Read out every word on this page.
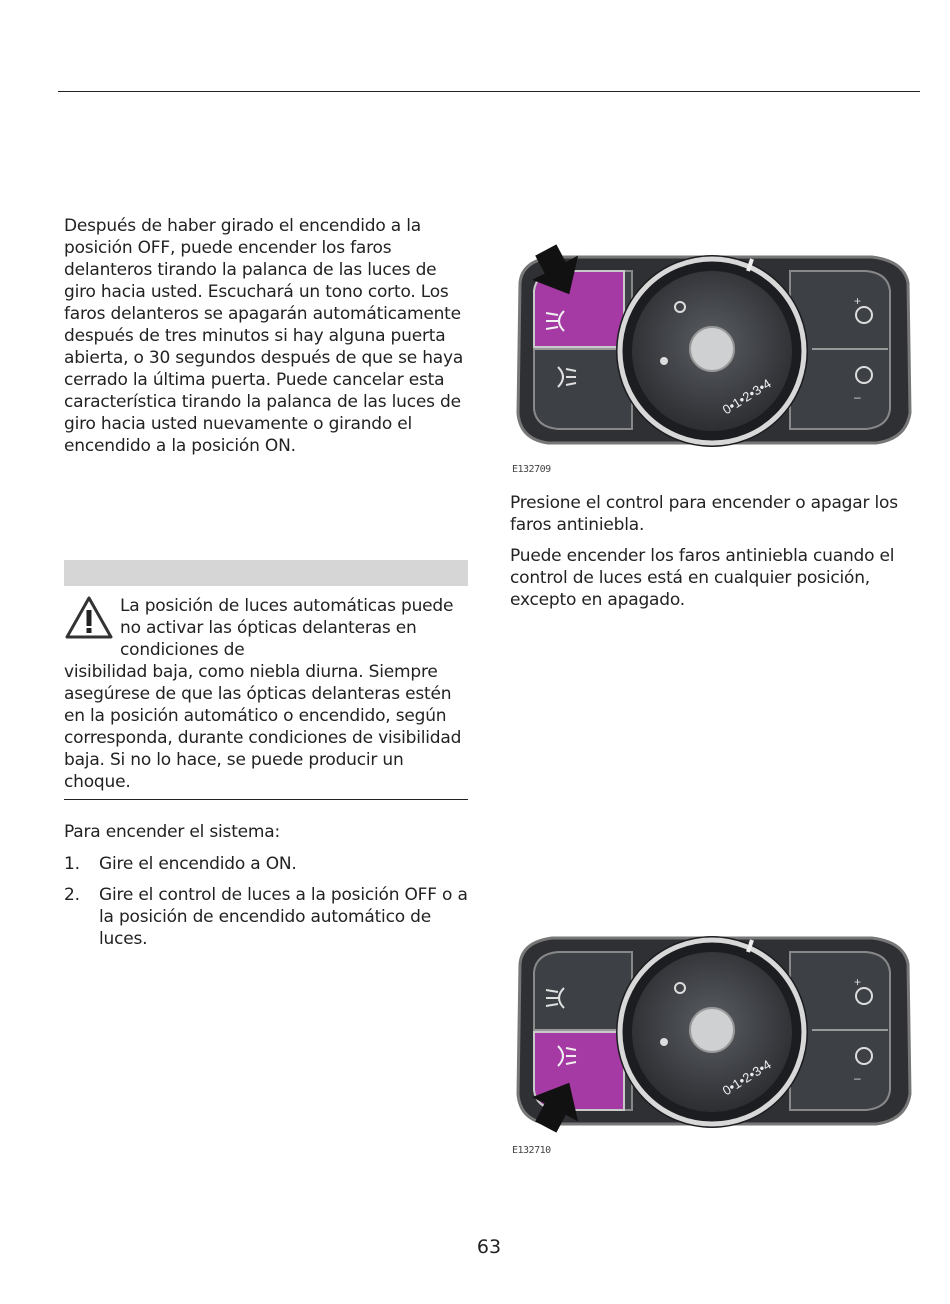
Después de haber girado el encendido a la posición OFF, puede encender los faros delanteros tirando la palanca de las luces de giro hacia usted. Escuchará un tono corto. Los faros delanteros se apagarán automáticamente después de tres minutos si hay alguna puerta abierta, o 30 segundos después de que se haya cerrado la última puerta. Puede cancelar esta característica tirando la palanca de las luces de giro hacia usted nuevamente o girando el encendido a la posición ON.

La posición de luces automáticas puede no activar las ópticas delanteras en condiciones de

visibilidad baja, como niebla diurna. Siempre asegúrese de que las ópticas delanteras estén en la posición automático o encendido, según corresponda, durante condiciones de visibilidad baja. Si no lo hace, se puede producir un choque.

Para encender el sistema:

1. Gire el encendido a ON.
2. Gire el control de luces a la posición OFF o a la posición de encendido automático de luces.
+
–
0•1•2•3•4
E132709

Presione el control para encender o apagar los faros antiniebla.

Puede encender los faros antiniebla cuando el control de luces está en cualquier posición, excepto en apagado.

+
–
0•1•2•3•4
E132710
63
